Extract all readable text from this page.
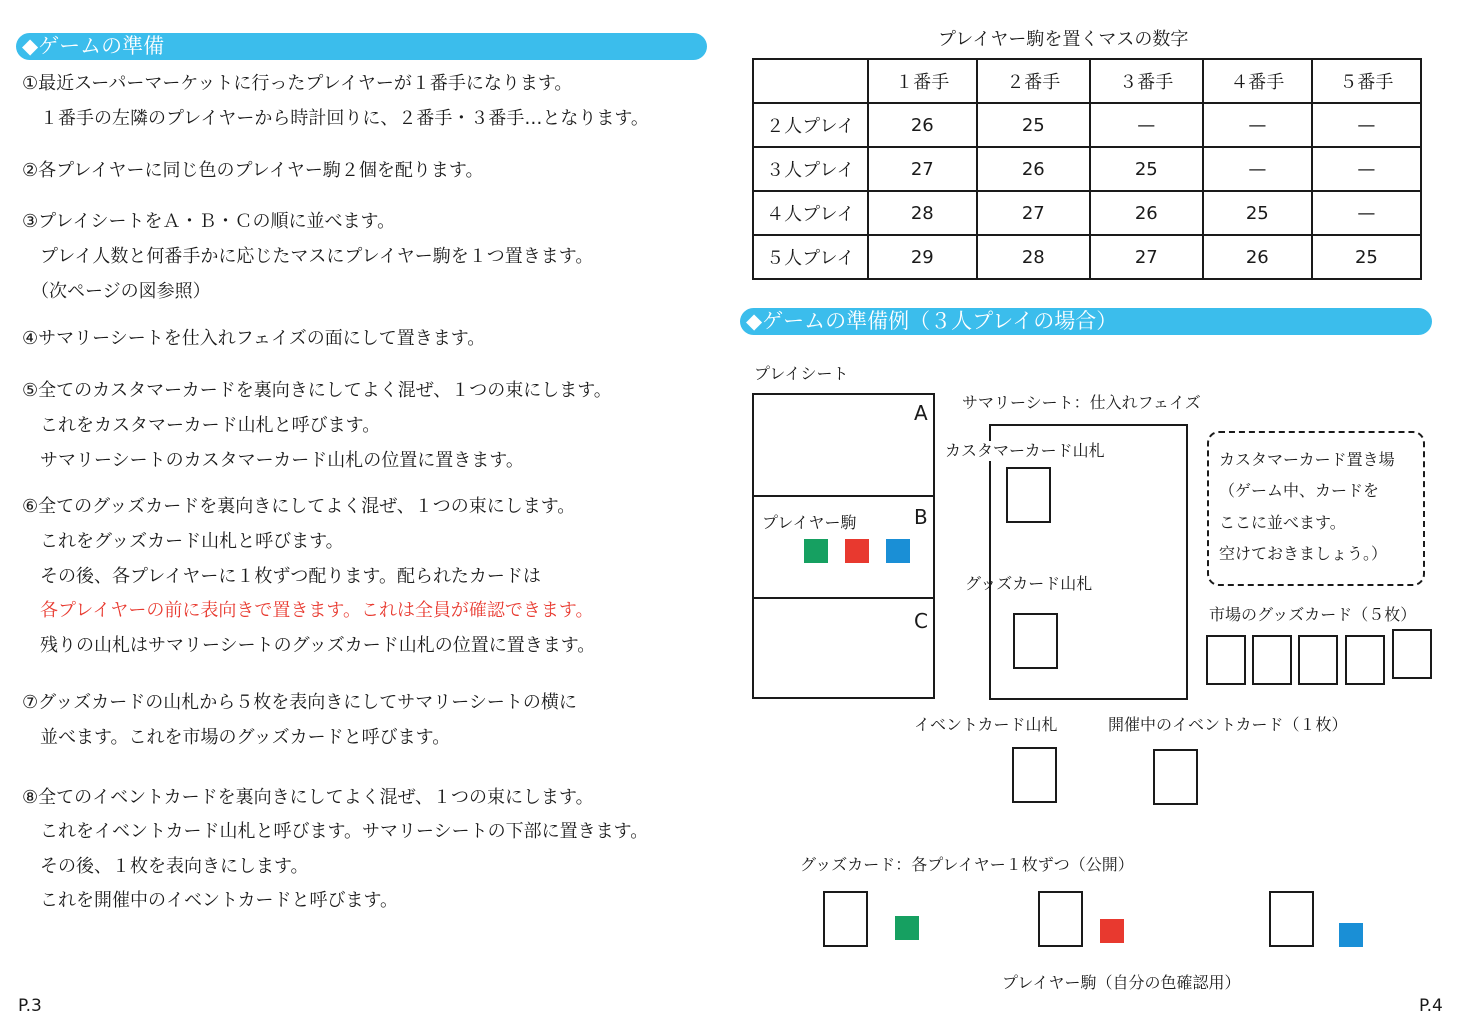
◆ゲームの準備
①最近スーパーマーケットに行ったプレイヤーが１番手になります。
　１番手の左隣のプレイヤーから時計回りに、２番手・３番手…となります。
②各プレイヤーに同じ色のプレイヤー駒２個を配ります。
③プレイシートをＡ・Ｂ・Ｃの順に並べます。
　プレイ人数と何番手かに応じたマスにプレイヤー駒を１つ置きます。
　（次ページの図参照）
④サマリーシートを仕入れフェイズの面にして置きます。
⑤全てのカスタマーカードを裏向きにしてよく混ぜ、１つの束にします。
　これをカスタマーカード山札と呼びます。
　サマリーシートのカスタマーカード山札の位置に置きます。
⑥全てのグッズカードを裏向きにしてよく混ぜ、１つの束にします。
　これをグッズカード山札と呼びます。
　その後、各プレイヤーに１枚ずつ配ります。配られたカードは
　各プレイヤーの前に表向きで置きます。これは全員が確認できます。
　残りの山札はサマリーシートのグッズカード山札の位置に置きます。
⑦グッズカードの山札から５枚を表向きにしてサマリーシートの横に
　並べます。これを市場のグッズカードと呼びます。
⑧全てのイベントカードを裏向きにしてよく混ぜ、１つの束にします。
　これをイベントカード山札と呼びます。サマリーシートの下部に置きます。
　その後、１枚を表向きにします。
　これを開催中のイベントカードと呼びます。
P.3
プレイヤー駒を置くマスの数字
	１番手	２番手	３番手	４番手	５番手
２人プレイ	26	25	—	—	—
３人プレイ	27	26	25	—	—
４人プレイ	28	27	26	25	—
５人プレイ	29	28	27	26	25
◆ゲームの準備例（３人プレイの場合）
プレイシート
A
B
C
プレイヤー駒
サマリーシート：仕入れフェイズ
カスタマーカード山札
グッズカード山札
カスタマーカード置き場
（ゲーム中、カードを
ここに並べます。
空けておきましょう。）
市場のグッズカード（５枚）
イベントカード山札	開催中のイベントカード（１枚）
グッズカード：各プレイヤー１枚ずつ（公開）
プレイヤー駒（自分の色確認用）
P.4
